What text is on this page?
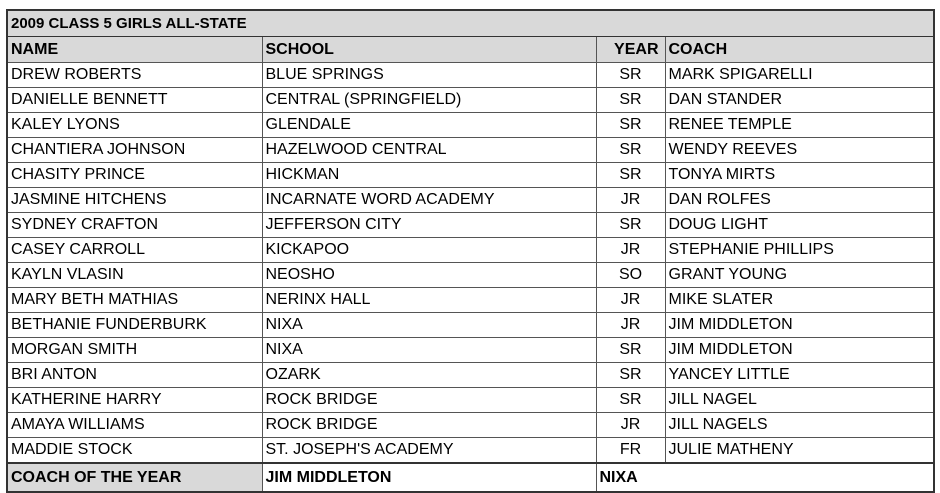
2009 CLASS 5 GIRLS ALL-STATE
NAME	SCHOOL	YEAR	COACH
DREW ROBERTS	BLUE SPRINGS	SR	MARK SPIGARELLI
DANIELLE BENNETT	CENTRAL (SPRINGFIELD)	SR	DAN STANDER
KALEY LYONS	GLENDALE	SR	RENEE TEMPLE
CHANTIERA JOHNSON	HAZELWOOD CENTRAL	SR	WENDY REEVES
CHASITY PRINCE	HICKMAN	SR	TONYA MIRTS
JASMINE HITCHENS	INCARNATE WORD ACADEMY	JR	DAN ROLFES
SYDNEY CRAFTON	JEFFERSON CITY	SR	DOUG LIGHT
CASEY CARROLL	KICKAPOO	JR	STEPHANIE PHILLIPS
KAYLN VLASIN	NEOSHO	SO	GRANT YOUNG
MARY BETH MATHIAS	NERINX HALL	JR	MIKE SLATER
BETHANIE FUNDERBURK	NIXA	JR	JIM MIDDLETON
MORGAN SMITH	NIXA	SR	JIM MIDDLETON
BRI ANTON	OZARK	SR	YANCEY LITTLE
KATHERINE HARRY	ROCK BRIDGE	SR	JILL NAGEL
AMAYA WILLIAMS	ROCK BRIDGE	JR	JILL NAGELS
MADDIE STOCK	ST. JOSEPH'S ACADEMY	FR	JULIE MATHENY
COACH OF THE YEAR	JIM MIDDLETON	NIXA	
